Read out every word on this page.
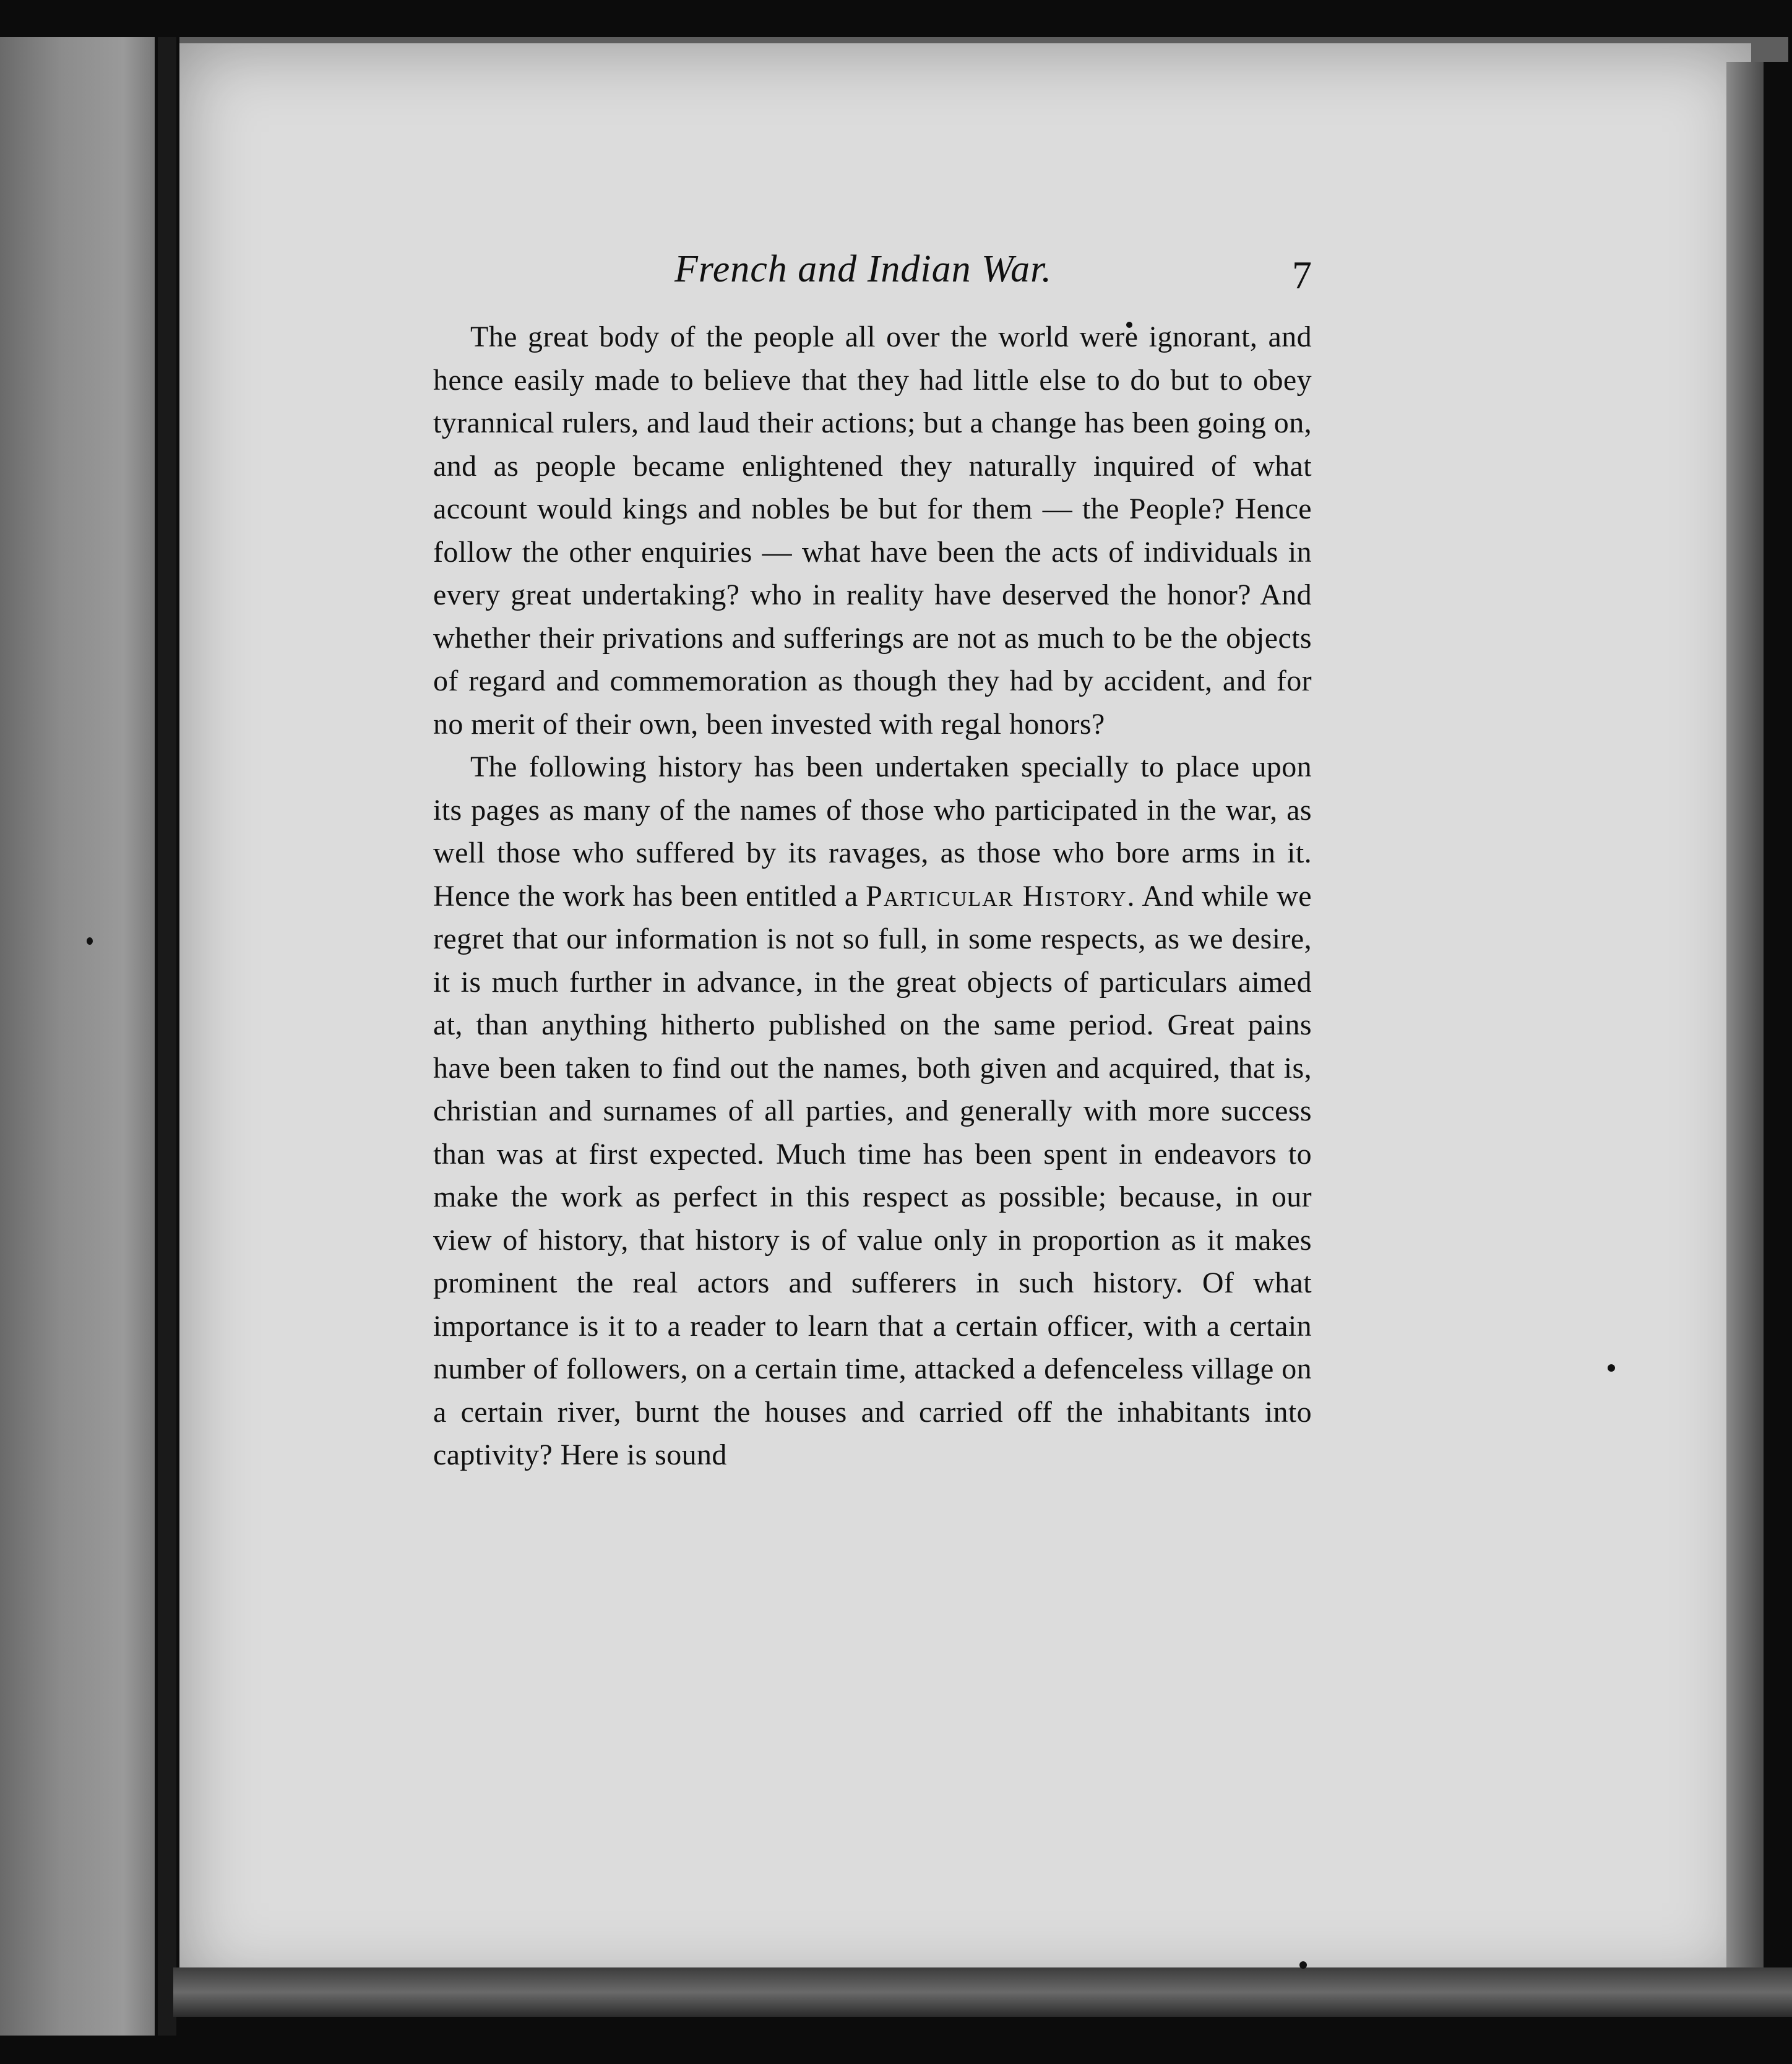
French and Indian War.	7

The great body of the people all over the world were ignorant, and hence easily made to believe that they had little else to do but to obey tyrannical rulers, and laud their actions; but a change has been going on, and as people became enlightened they naturally inquired of what account would kings and nobles be but for them — the People? Hence follow the other enquiries — what have been the acts of individuals in every great undertaking? who in reality have deserved the honor? And whether their privations and sufferings are not as much to be the objects of regard and commemoration as though they had by accident, and for no merit of their own, been invested with regal honors?

The following history has been undertaken specially to place upon its pages as many of the names of those who participated in the war, as well those who suffered by its ravages, as those who bore arms in it. Hence the work has been entitled a Particular History. And while we regret that our information is not so full, in some respects, as we desire, it is much further in advance, in the great objects of particulars aimed at, than anything hitherto published on the same period. Great pains have been taken to find out the names, both given and acquired, that is, christian and surnames of all parties, and generally with more success than was at first expected. Much time has been spent in endeavors to make the work as perfect in this respect as possible; because, in our view of history, that history is of value only in proportion as it makes prominent the real actors and sufferers in such history. Of what importance is it to a reader to learn that a certain officer, with a certain number of followers, on a certain time, attacked a defenceless village on a certain river, burnt the houses and carried off the inhabitants into captivity? Here is sound
